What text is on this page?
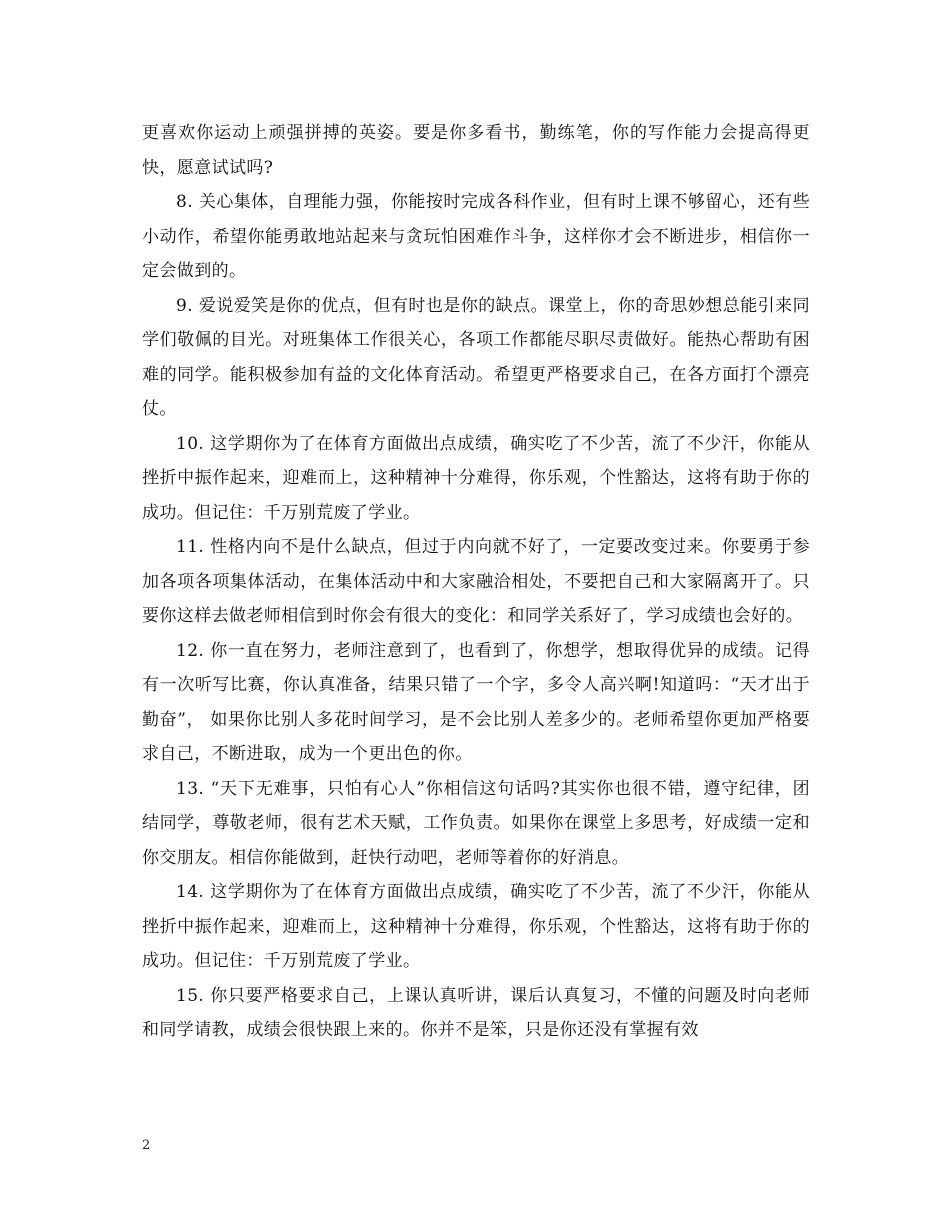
更喜欢你运动上顽强拼搏的英姿。要是你多看书，勤练笔，你的写作能力会提高得更快，愿意试试吗?

8. 关心集体，自理能力强，你能按时完成各科作业，但有时上课不够留心，还有些小动作，希望你能勇敢地站起来与贪玩怕困难作斗争，这样你才会不断进步，相信你一定会做到的。

9. 爱说爱笑是你的优点，但有时也是你的缺点。课堂上，你的奇思妙想总能引来同学们敬佩的目光。对班集体工作很关心，各项工作都能尽职尽责做好。能热心帮助有困难的同学。能积极参加有益的文化体育活动。希望更严格要求自己，在各方面打个漂亮仗。

10. 这学期你为了在体育方面做出点成绩，确实吃了不少苦，流了不少汗，你能从挫折中振作起来，迎难而上，这种精神十分难得，你乐观，个性豁达，这将有助于你的成功。但记住：千万别荒废了学业。

11. 性格内向不是什么缺点，但过于内向就不好了，一定要改变过来。你要勇于参加各项各项集体活动，在集体活动中和大家融洽相处，不要把自己和大家隔离开了。只要你这样去做老师相信到时你会有很大的变化：和同学关系好了，学习成绩也会好的。

12. 你一直在努力，老师注意到了，也看到了，你想学，想取得优异的成绩。记得有一次听写比赛，你认真准备，结果只错了一个字，多令人高兴啊!知道吗：“天才出于勤奋”， 如果你比别人多花时间学习，是不会比别人差多少的。老师希望你更加严格要求自己，不断进取，成为一个更出色的你。

13. “天下无难事，只怕有心人”你相信这句话吗?其实你也很不错，遵守纪律，团结同学，尊敬老师，很有艺术天赋，工作负责。如果你在课堂上多思考，好成绩一定和你交朋友。相信你能做到，赶快行动吧，老师等着你的好消息。

14. 这学期你为了在体育方面做出点成绩，确实吃了不少苦，流了不少汗，你能从挫折中振作起来，迎难而上，这种精神十分难得，你乐观，个性豁达，这将有助于你的成功。但记住：千万别荒废了学业。

15. 你只要严格要求自己，上课认真听讲，课后认真复习，不懂的问题及时向老师和同学请教，成绩会很快跟上来的。你并不是笨，只是你还没有掌握有效

2
